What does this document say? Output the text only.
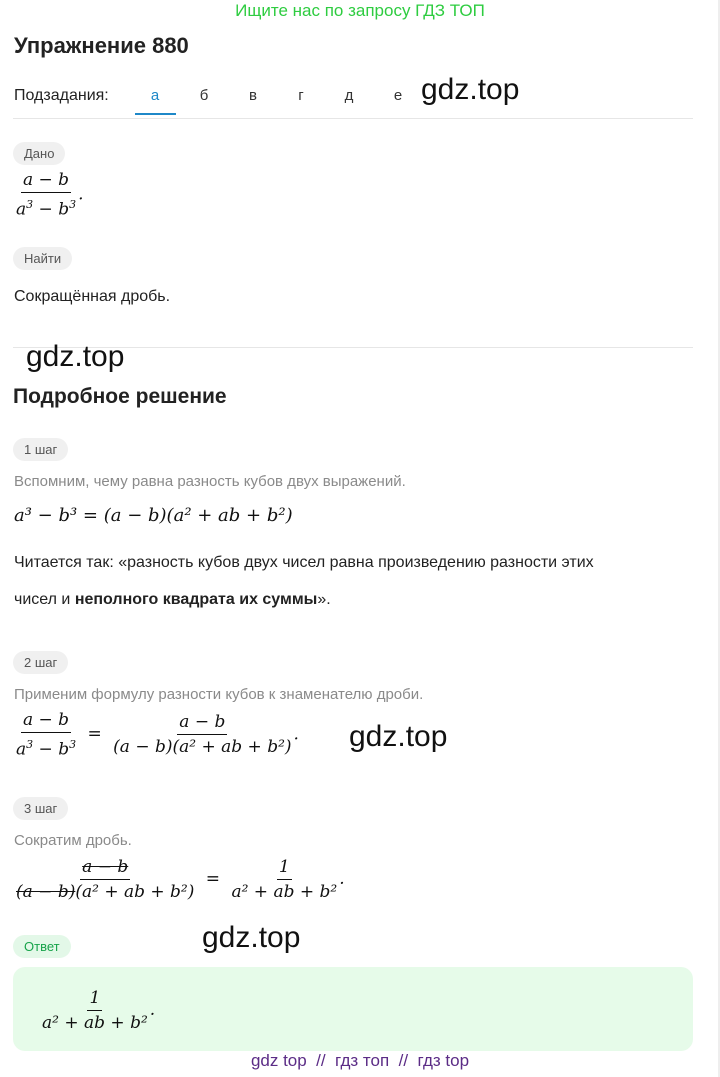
Ищите нас по запросу ГДЗ ТОП
Упражнение 880
Подзадания:	а	б	в	г	д	е gdz.top
Дано
$\frac{a - b}{a^3 - b^3}$ .
Найти
Сокращённая дробь.
gdz.top
Подробное решение
1 шаг
Вспомним, чему равна разность кубов двух выражений.
a³ − b³ = (a − b)(a² + ab + b²)
Читается так: «разность кубов двух чисел равна произведению разности этих
чисел и неполного квадрата их суммы».
2 шаг
Применим формулу разности кубов к знаменателю дроби.
$\frac{a - b}{a^3 - b^3} = \frac{a - b}{\text{(a − b)(a² + ab + b²)}}$ . gdz.top
3 шаг
Сократим дробь.
$\frac{a - b}{\text{(a − b)(a² + ab + b²)}} = \frac{1}{\text{a² + ab + b²}}$ .
Ответ	gdz.top
$\frac{1}{\text{a² + ab + b²}}$ .
gdz top  //  гдз топ  //  гдз top
